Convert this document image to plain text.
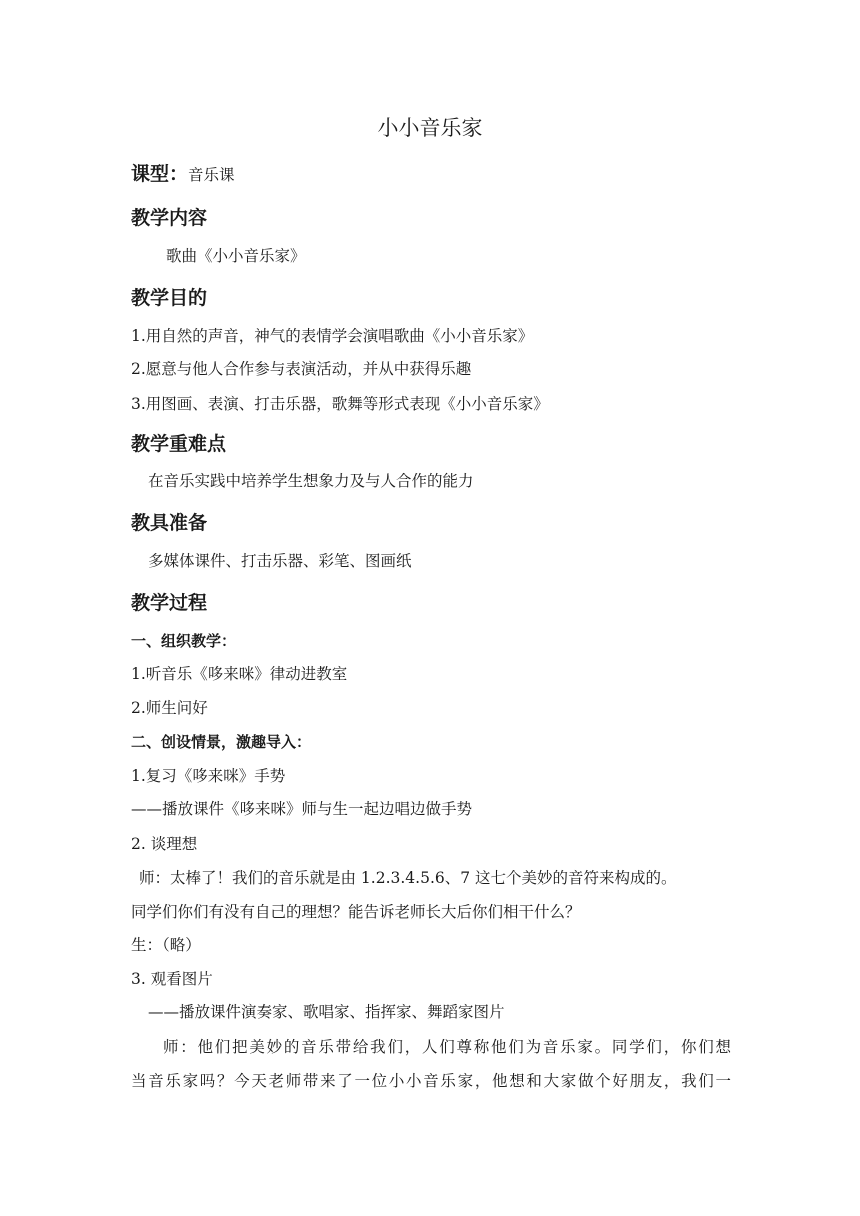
小小音乐家
课型：音乐课
教学内容
歌曲《小小音乐家》
教学目的
1.用自然的声音，神气的表情学会演唱歌曲《小小音乐家》
2.愿意与他人合作参与表演活动，并从中获得乐趣
3.用图画、表演、打击乐器，歌舞等形式表现《小小音乐家》
教学重难点
在音乐实践中培养学生想象力及与人合作的能力
教具准备
多媒体课件、打击乐器、彩笔、图画纸
教学过程
一、组织教学：
1.听音乐《哆来咪》律动进教室
2.师生问好
二、创设情景，激趣导入：
1.复习《哆来咪》手势
——播放课件《哆来咪》师与生一起边唱边做手势
2. 谈理想
师：太棒了！我们的音乐就是由 1.2.3.4.5.6、7 这七个美妙的音符来构成的。
同学们你们有没有自己的理想？能告诉老师长大后你们相干什么？
生：（略）
3. 观看图片
——播放课件演奏家、歌唱家、指挥家、舞蹈家图片
师：他们把美妙的音乐带给我们，人们尊称他们为音乐家。同学们，你们想
当音乐家吗？今天老师带来了一位小小音乐家，他想和大家做个好朋友，我们一
